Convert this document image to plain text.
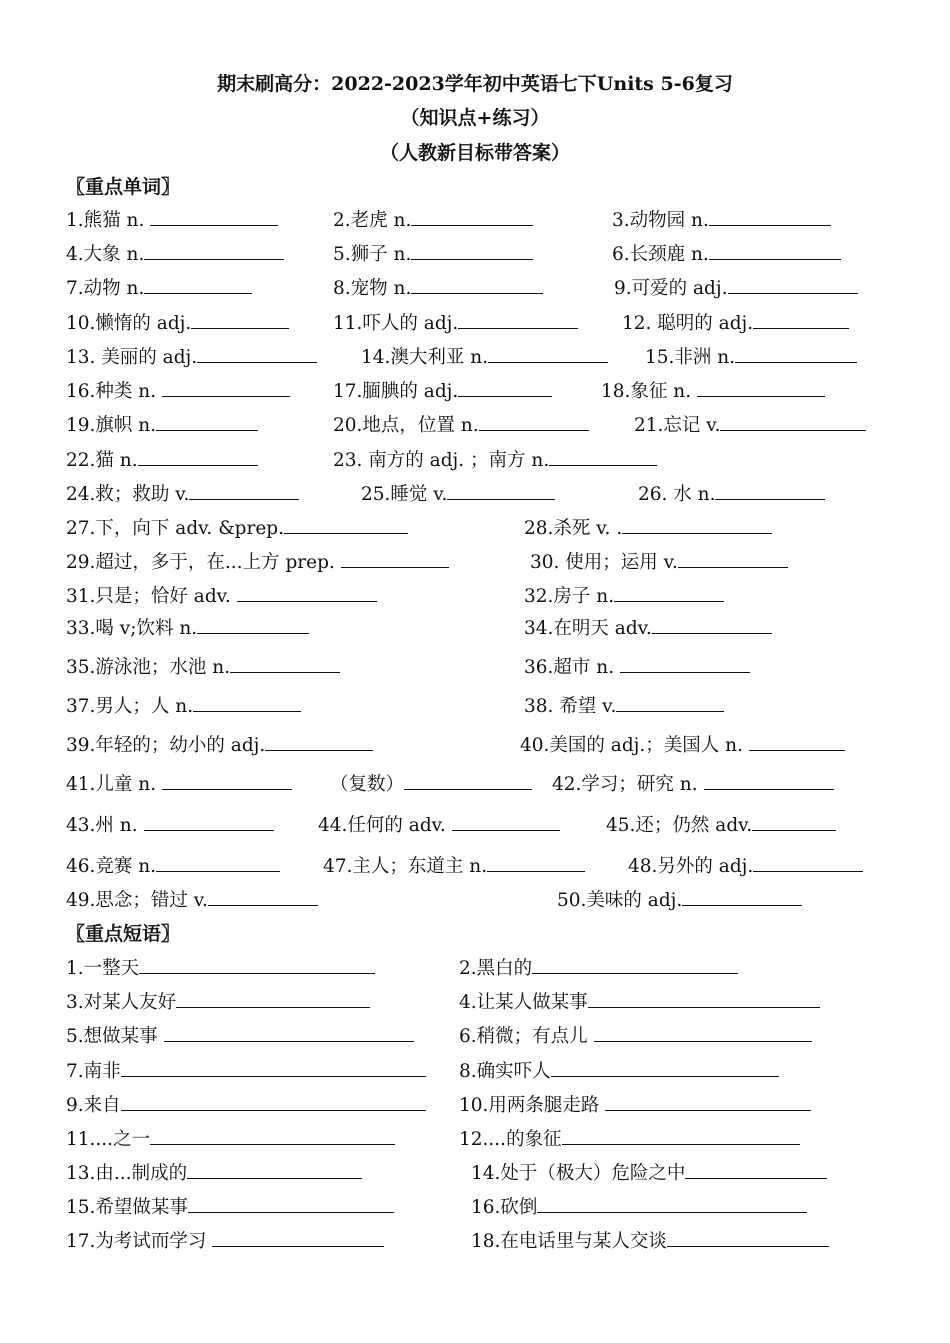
期末刷高分：2022-2023学年初中英语七下Units 5-6复习
（知识点+练习）
（人教新目标带答案）
〖重点单词〗
1.熊猫 n.	2.老虎 n.	3.动物园 n.
4.大象 n.	5.狮子 n.	6.长颈鹿 n.
7.动物 n.	8.宠物 n.	9.可爱的 adj.
10.懒惰的 adj.	11.吓人的 adj.	12. 聪明的 adj.
13. 美丽的 adj.	14.澳大利亚 n.	15.非洲 n.
16.种类 n.	17.腼腆的 adj.	18.象征 n.
19.旗帜 n.	20.地点，位置 n.	21.忘记 v.
22.猫 n.	23. 南方的 adj. ；南方 n.
24.救；救助 v.	25.睡觉 v.	26. 水 n.
27.下，向下 adv. &prep.	28.杀死 v. .
29.超过，多于，在...上方 prep.	30. 使用；运用 v.
31.只是；恰好 adv.	32.房子 n.
33.喝 v;饮料 n.	34.在明天 adv.
35.游泳池；水池 n.	36.超市 n.
37.男人；人 n.	38. 希望 v.
39.年轻的；幼小的 adj.	40.美国的 adj.；美国人 n.
41.儿童 n.	（复数）	42.学习；研究 n.
43.州 n.	44.任何的 adv.	45.还；仍然 adv.
46.竞赛 n.	47.主人；东道主 n.	48.另外的 adj.
49.思念；错过 v.	50.美味的 adj.
〖重点短语〗
1.一整天	2.黑白的
3.对某人友好	4.让某人做某事
5.想做某事	6.稍微；有点儿
7.南非	8.确实吓人
9.来自	10.用两条腿走路
11....之一	12....的象征
13.由...制成的	14.处于（极大）危险之中
15.希望做某事	16.砍倒
17.为考试而学习	18.在电话里与某人交谈
